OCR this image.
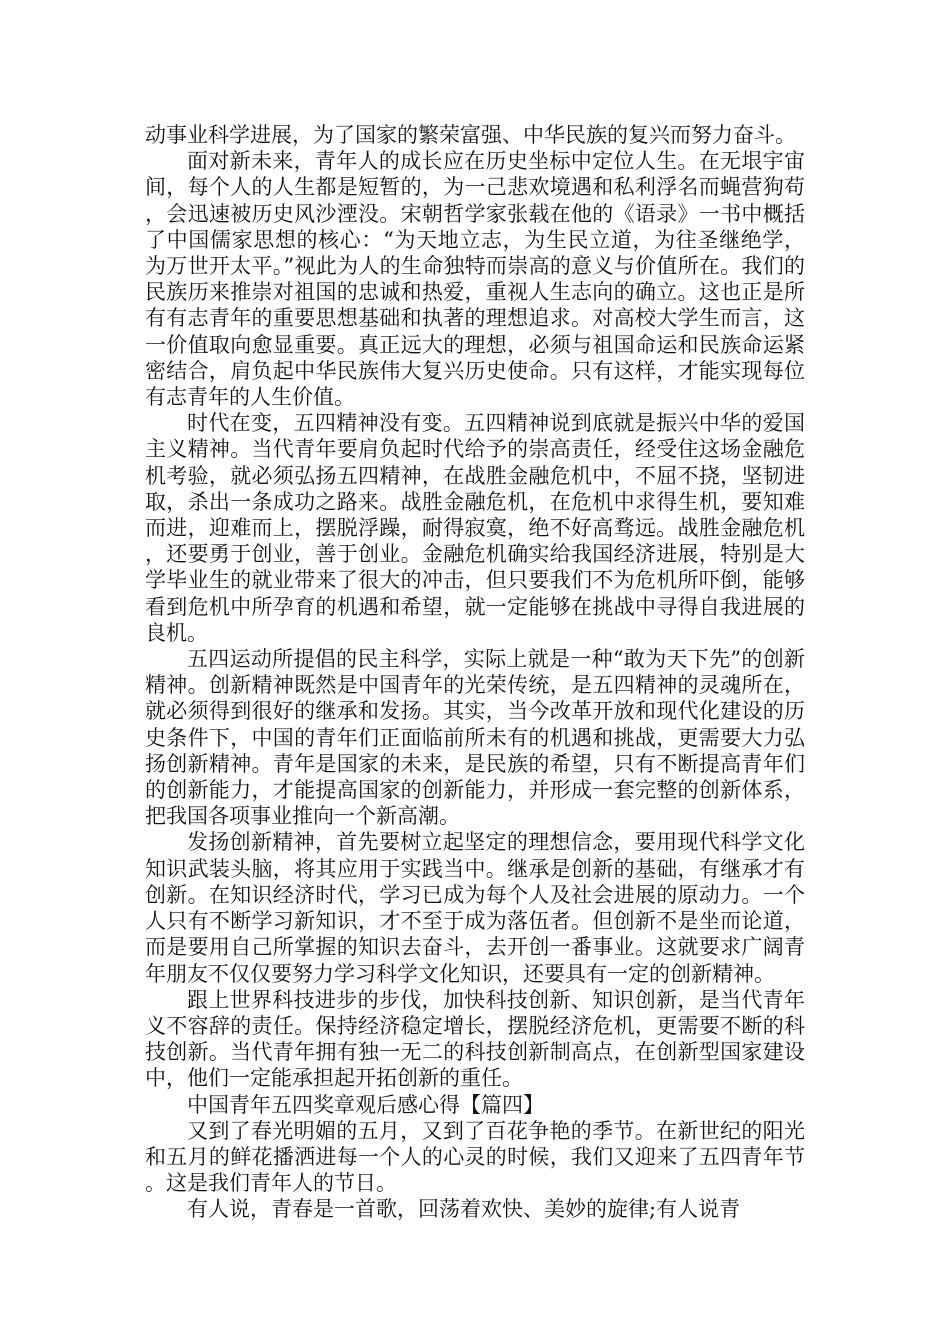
动事业科学进展，为了国家的繁荣富强、中华民族的复兴而努力奋斗。

面对新未来，青年人的成长应在历史坐标中定位人生。在无垠宇宙间，每个人的人生都是短暂的，为一己悲欢境遇和私利浮名而蝇营狗苟，会迅速被历史风沙湮没。宋朝哲学家张载在他的《语录》一书中概括了中国儒家思想的核心：“为天地立志，为生民立道，为往圣继绝学，为万世开太平。”视此为人的生命独特而崇高的意义与价值所在。我们的民族历来推崇对祖国的忠诚和热爱，重视人生志向的确立。这也正是所有有志青年的重要思想基础和执著的理想追求。对高校大学生而言，这一价值取向愈显重要。真正远大的理想，必须与祖国命运和民族命运紧密结合，肩负起中华民族伟大复兴历史使命。只有这样，才能实现每位有志青年的人生价值。

时代在变，五四精神没有变。五四精神说到底就是振兴中华的爱国主义精神。当代青年要肩负起时代给予的崇高责任，经受住这场金融危机考验，就必须弘扬五四精神，在战胜金融危机中，不屈不挠，坚韧进取，杀出一条成功之路来。战胜金融危机，在危机中求得生机，要知难而进，迎难而上，摆脱浮躁，耐得寂寞，绝不好高骛远。战胜金融危机，还要勇于创业，善于创业。金融危机确实给我国经济进展，特别是大学毕业生的就业带来了很大的冲击，但只要我们不为危机所吓倒，能够看到危机中所孕育的机遇和希望，就一定能够在挑战中寻得自我进展的良机。

五四运动所提倡的民主科学，实际上就是一种“敢为天下先”的创新精神。创新精神既然是中国青年的光荣传统，是五四精神的灵魂所在，就必须得到很好的继承和发扬。其实，当今改革开放和现代化建设的历史条件下，中国的青年们正面临前所未有的机遇和挑战，更需要大力弘扬创新精神。青年是国家的未来，是民族的希望，只有不断提高青年们的创新能力，才能提高国家的创新能力，并形成一套完整的创新体系，把我国各项事业推向一个新高潮。

发扬创新精神，首先要树立起坚定的理想信念，要用现代科学文化知识武装头脑，将其应用于实践当中。继承是创新的基础，有继承才有创新。在知识经济时代，学习已成为每个人及社会进展的原动力。一个人只有不断学习新知识，才不至于成为落伍者。但创新不是坐而论道，而是要用自己所掌握的知识去奋斗，去开创一番事业。这就要求广阔青年朋友不仅仅要努力学习科学文化知识，还要具有一定的创新精神。

跟上世界科技进步的步伐，加快科技创新、知识创新，是当代青年义不容辞的责任。保持经济稳定增长，摆脱经济危机，更需要不断的科技创新。当代青年拥有独一无二的科技创新制高点，在创新型国家建设中，他们一定能承担起开拓创新的重任。

中国青年五四奖章观后感心得【篇四】

又到了春光明媚的五月，又到了百花争艳的季节。在新世纪的阳光和五月的鲜花播洒进每一个人的心灵的时候，我们又迎来了五四青年节。这是我们青年人的节日。

有人说，青春是一首歌，回荡着欢快、美妙的旋律;有人说青
